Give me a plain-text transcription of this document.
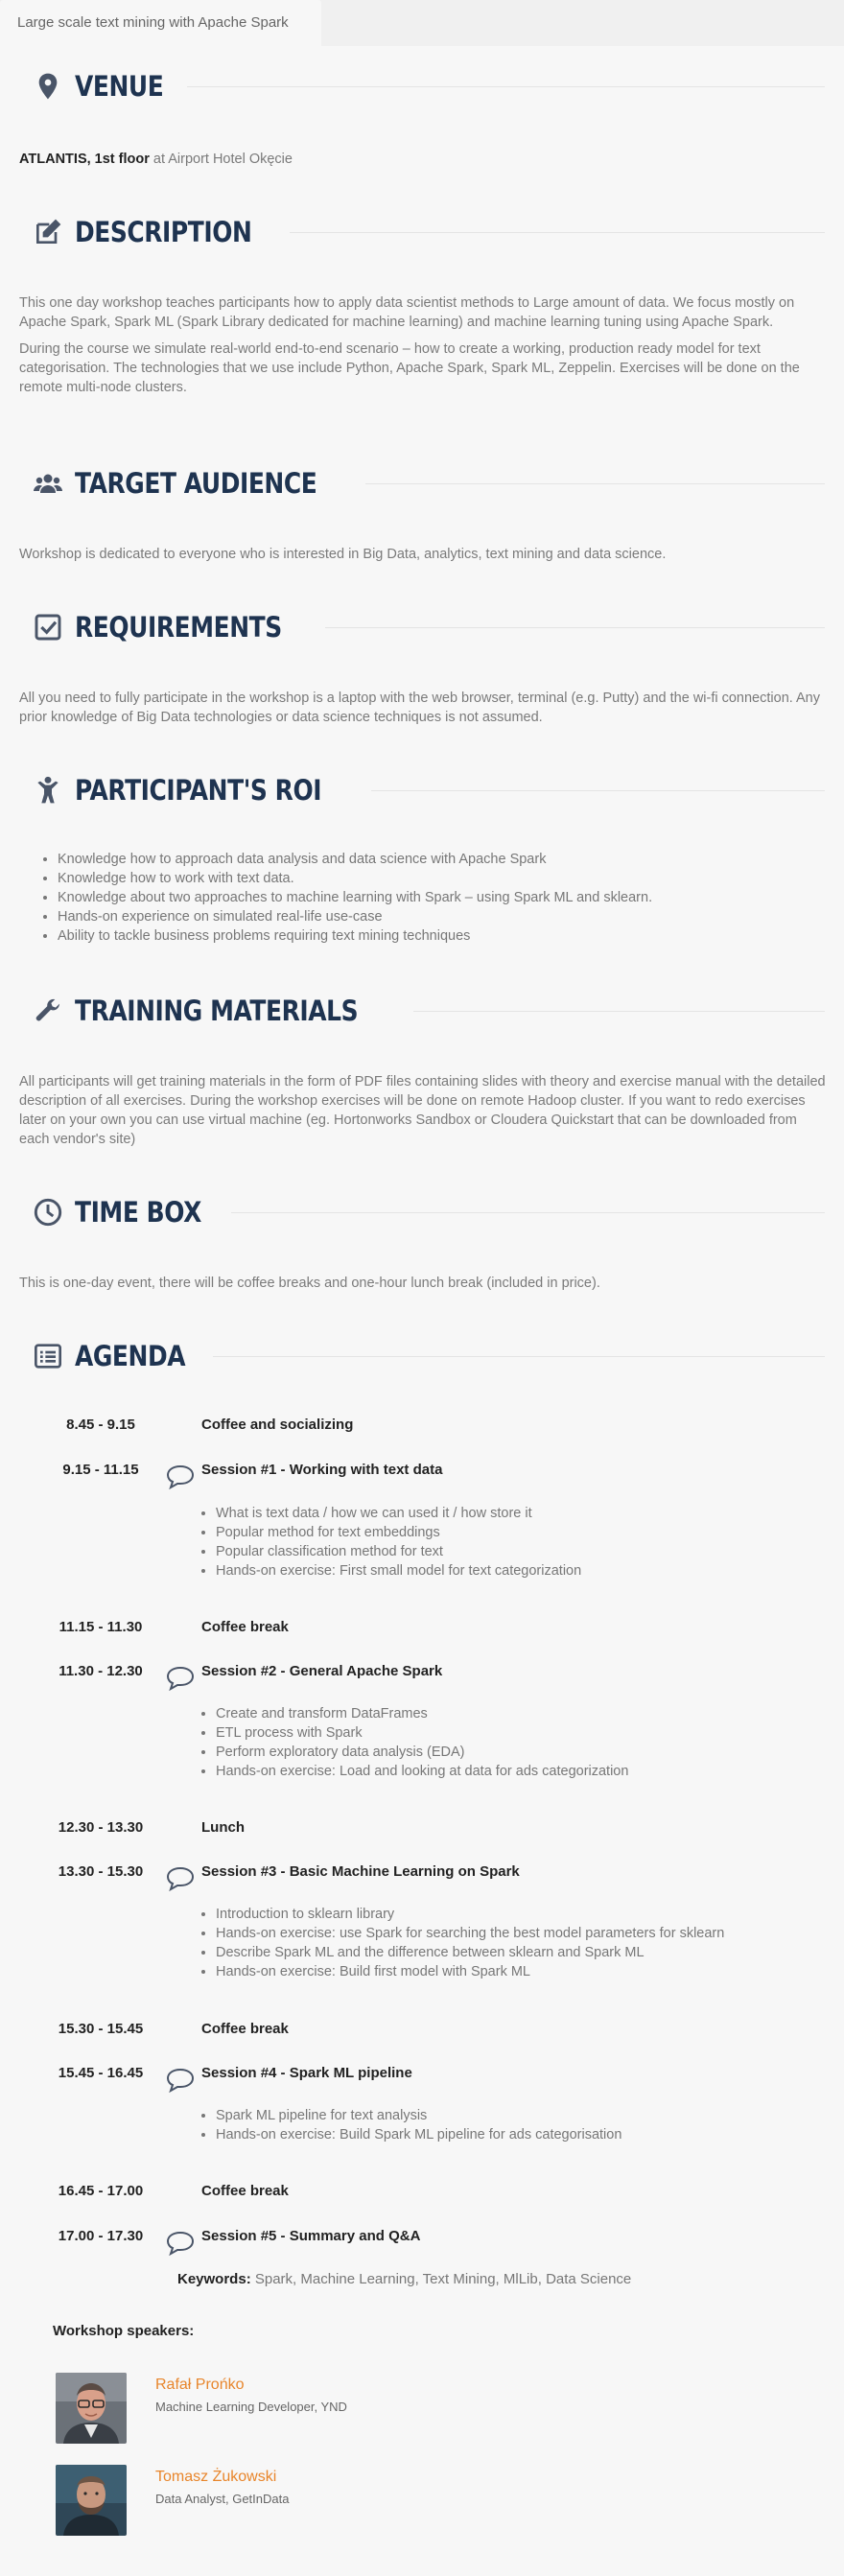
Large scale text mining with Apache Spark
VENUE
ATLANTIS, 1st floor at Airport Hotel Okęcie
DESCRIPTION

This one day workshop teaches participants how to apply data scientist methods to Large amount of data. We focus mostly on Apache Spark, Spark ML (Spark Library dedicated for machine learning) and machine learning tuning using Apache Spark.

During the course we simulate real-world end-to-end scenario – how to create a working, production ready model for text categorisation. The technologies that we use include Python, Apache Spark, Spark ML, Zeppelin. Exercises will be done on the remote multi-node clusters.

TARGET AUDIENCE
Workshop is dedicated to everyone who is interested in Big Data, analytics, text mining and data science.
REQUIREMENTS
All you need to fully participate in the workshop is a laptop with the web browser, terminal (e.g. Putty) and the wi-fi connection. Any prior knowledge of Big Data technologies or data science techniques is not assumed.
PARTICIPANT'S ROI
• Knowledge how to approach data analysis and data science with Apache Spark
• Knowledge how to work with text data.
• Knowledge about two approaches to machine learning with Spark – using Spark ML and sklearn.
• Hands-on experience on simulated real-life use-case
• Ability to tackle business problems requiring text mining techniques
TRAINING MATERIALS
All participants will get training materials in the form of PDF files containing slides with theory and exercise manual with the detailed description of all exercises. During the workshop exercises will be done on remote Hadoop cluster. If you want to redo exercises later on your own you can use virtual machine (eg. Hortonworks Sandbox or Cloudera Quickstart that can be downloaded from each vendor's site)
TIME BOX
This is one-day event, there will be coffee breaks and one-hour lunch break (included in price).
AGENDA
8.45 - 9.15	Coffee and socializing
9.15 - 11.15	Session #1 - Working with text data
• What is text data / how we can used it / how store it
• Popular method for text embeddings
• Popular classification method for text
• Hands-on exercise: First small model for text categorization
11.15 - 11.30	Coffee break
11.30 - 12.30	Session #2 - General Apache Spark
• Create and transform DataFrames
• ETL process with Spark
• Perform exploratory data analysis (EDA)
• Hands-on exercise: Load and looking at data for ads categorization
12.30 - 13.30	Lunch
13.30 - 15.30	Session #3 - Basic Machine Learning on Spark
• Introduction to sklearn library
• Hands-on exercise: use Spark for searching the best model parameters for sklearn
• Describe Spark ML and the difference between sklearn and Spark ML
• Hands-on exercise: Build first model with Spark ML
15.30 - 15.45	Coffee break
15.45 - 16.45	Session #4 - Spark ML pipeline
• Spark ML pipeline for text analysis
• Hands-on exercise: Build Spark ML pipeline for ads categorisation
16.45 - 17.00	Coffee break
17.00 - 17.30	Session #5 - Summary and Q&A
Keywords: Spark, Machine Learning, Text Mining, MlLib, Data Science
Workshop speakers:
Rafał Prońko
Machine Learning Developer, YND
Tomasz Żukowski
Data Analyst, GetInData
